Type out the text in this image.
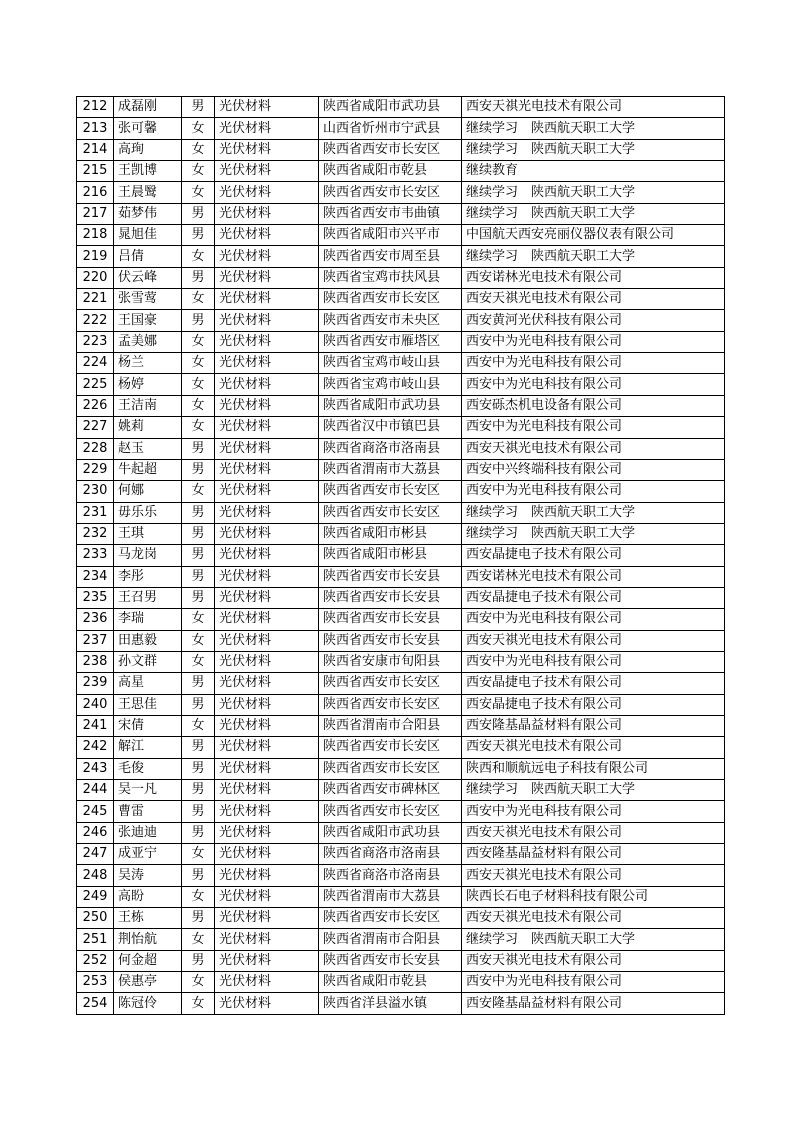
212	成磊刚	男	光伏材料	陕西省咸阳市武功县	西安天祺光电技术有限公司
213	张可馨	女	光伏材料	山西省忻州市宁武县	继续学习　陕西航天职工大学
214	高珣	女	光伏材料	陕西省西安市长安区	继续学习　陕西航天职工大学
215	王凯博	女	光伏材料	陕西省咸阳市乾县	继续教育
216	王晨鹥	女	光伏材料	陕西省西安市长安区	继续学习　陕西航天职工大学
217	茹梦伟	男	光伏材料	陕西省西安市韦曲镇	继续学习　陕西航天职工大学
218	晁旭佳	男	光伏材料	陕西省咸阳市兴平市	中国航天西安亮丽仪器仪表有限公司
219	吕倩	女	光伏材料	陕西省西安市周至县	继续学习　陕西航天职工大学
220	伏云峰	男	光伏材料	陕西省宝鸡市扶风县	西安诺林光电技术有限公司
221	张雪莺	女	光伏材料	陕西省西安市长安区	西安天祺光电技术有限公司
222	王国豪	男	光伏材料	陕西省西安市未央区	西安黄河光伏科技有限公司
223	孟美娜	女	光伏材料	陕西省西安市雁塔区	西安中为光电科技有限公司
224	杨兰	女	光伏材料	陕西省宝鸡市岐山县	西安中为光电科技有限公司
225	杨婷	女	光伏材料	陕西省宝鸡市岐山县	西安中为光电科技有限公司
226	王洁南	女	光伏材料	陕西省咸阳市武功县	西安砾杰机电设备有限公司
227	姚莉	女	光伏材料	陕西省汉中市镇巴县	西安中为光电科技有限公司
228	赵玉	男	光伏材料	陕西省商洛市洛南县	西安天祺光电技术有限公司
229	牛起超	男	光伏材料	陕西省渭南市大荔县	西安中兴终端科技有限公司
230	何娜	女	光伏材料	陕西省西安市长安区	西安中为光电科技有限公司
231	毋乐乐	男	光伏材料	陕西省西安市长安区	继续学习　陕西航天职工大学
232	王琪	男	光伏材料	陕西省咸阳市彬县	继续学习　陕西航天职工大学
233	马龙岗	男	光伏材料	陕西省咸阳市彬县	西安晶捷电子技术有限公司
234	李彤	男	光伏材料	陕西省西安市长安县	西安诺林光电技术有限公司
235	王召男	男	光伏材料	陕西省西安市长安县	西安晶捷电子技术有限公司
236	李瑞	女	光伏材料	陕西省西安市长安县	西安中为光电科技有限公司
237	田惠毅	女	光伏材料	陕西省西安市长安县	西安天祺光电技术有限公司
238	孙文群	女	光伏材料	陕西省安康市旬阳县	西安中为光电科技有限公司
239	高星	男	光伏材料	陕西省西安市长安区	西安晶捷电子技术有限公司
240	王思佳	男	光伏材料	陕西省西安市长安区	西安晶捷电子技术有限公司
241	宋倩	女	光伏材料	陕西省渭南市合阳县	西安隆基晶益材料有限公司
242	解江	男	光伏材料	陕西省西安市长安区	西安天祺光电技术有限公司
243	毛俊	男	光伏材料	陕西省西安市长安区	陕西和顺航远电子科技有限公司
244	吴一凡	男	光伏材料	陕西省西安市碑林区	继续学习　陕西航天职工大学
245	曹雷	男	光伏材料	陕西省西安市长安区	西安中为光电科技有限公司
246	张迪迪	男	光伏材料	陕西省咸阳市武功县	西安天祺光电技术有限公司
247	成亚宁	女	光伏材料	陕西省商洛市洛南县	西安隆基晶益材料有限公司
248	吴涛	男	光伏材料	陕西省商洛市洛南县	西安天祺光电技术有限公司
249	高盼	女	光伏材料	陕西省渭南市大荔县	陕西长石电子材料科技有限公司
250	王栋	男	光伏材料	陕西省西安市长安区	西安天祺光电技术有限公司
251	荆怡航	女	光伏材料	陕西省渭南市合阳县	继续学习　陕西航天职工大学
252	何金超	男	光伏材料	陕西省西安市长安县	西安天祺光电技术有限公司
253	侯惠亭	女	光伏材料	陕西省咸阳市乾县	西安中为光电科技有限公司
254	陈冠伶	女	光伏材料	陕西省洋县溢水镇	西安隆基晶益材料有限公司
